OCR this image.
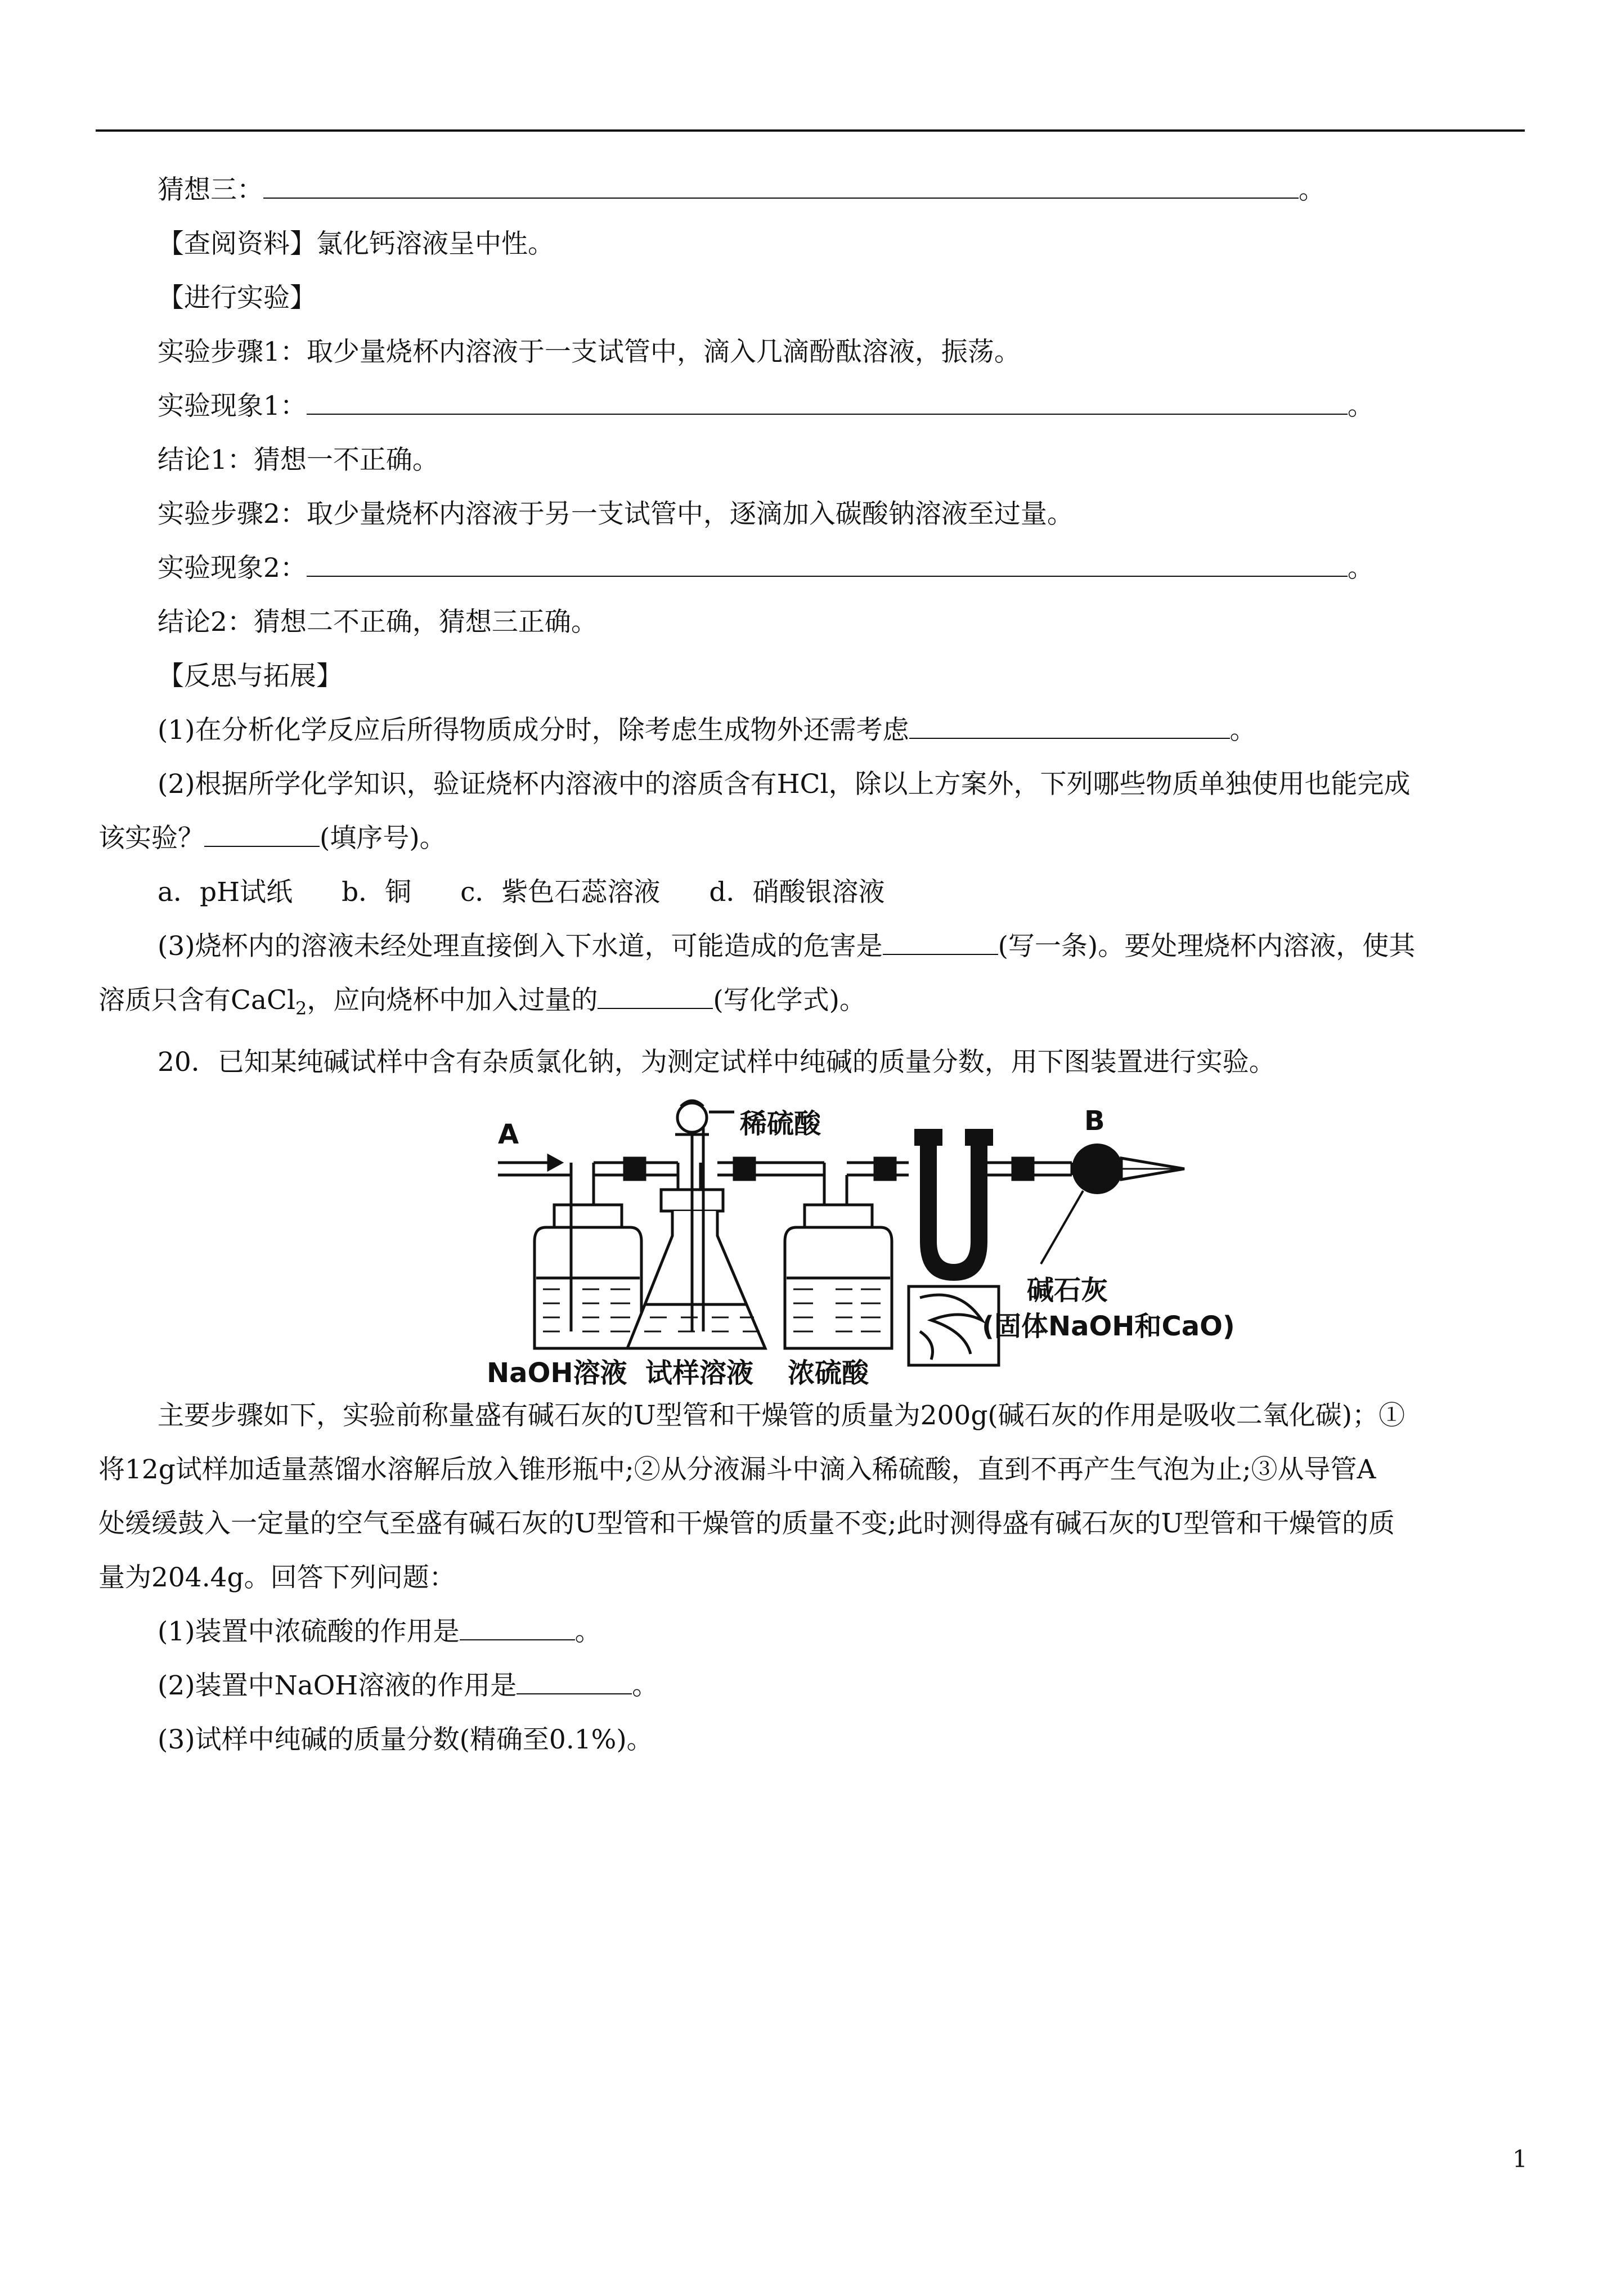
猜想三：	。
【查阅资料】氯化钙溶液呈中性。
【进行实验】
实验步骤1：取少量烧杯内溶液于一支试管中，滴入几滴酚酞溶液，振荡。
实验现象1：	。
结论1：猜想一不正确。
实验步骤2：取少量烧杯内溶液于另一支试管中，逐滴加入碳酸钠溶液至过量。
实验现象2：	。
结论2：猜想二不正确，猜想三正确。
【反思与拓展】
(1)在分析化学反应后所得物质成分时，除考虑生成物外还需考虑	。
(2)根据所学化学知识，验证烧杯内溶液中的溶质含有HCl，除以上方案外，下列哪些物质单独使用也能完成
该实验？	(填序号)。
a．pH试纸 b．铜 c．紫色石蕊溶液 d．硝酸银溶液
(3)烧杯内的溶液未经处理直接倒入下水道，可能造成的危害是	(写一条)。要处理烧杯内溶液，使其
溶质只含有CaCl$_2$，应向烧杯中加入过量的	(写化学式)。
20．已知某纯碱试样中含有杂质氯化钠，为测定试样中纯碱的质量分数，用下图装置进行实验。
A	B
稀硫酸
碱石灰
(固体NaOH和CaO)
NaOH溶液 试样溶液 浓硫酸
主要步骤如下，实验前称量盛有碱石灰的U型管和干燥管的质量为200g(碱石灰的作用是吸收二氧化碳)；①
将12g试样加适量蒸馏水溶解后放入锥形瓶中;②从分液漏斗中滴入稀硫酸，直到不再产生气泡为止;③从导管A
处缓缓鼓入一定量的空气至盛有碱石灰的U型管和干燥管的质量不变;此时测得盛有碱石灰的U型管和干燥管的质
量为204.4g。回答下列问题：
(1)装置中浓硫酸的作用是	。
(2)装置中NaOH溶液的作用是	。
(3)试样中纯碱的质量分数(精确至0.1%)。
1
